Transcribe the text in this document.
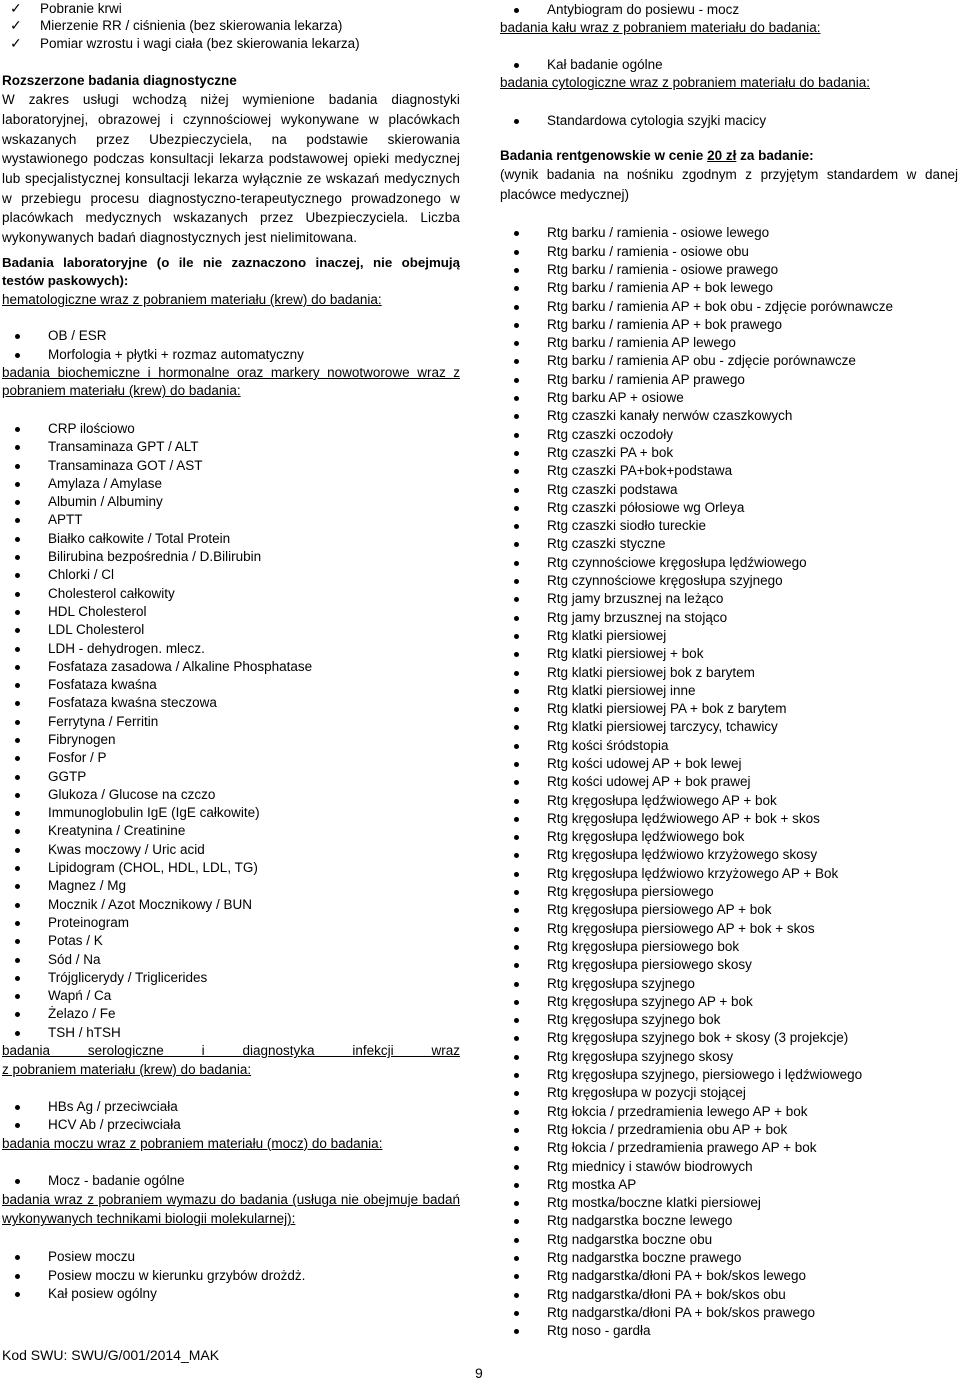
✓ Pobranie krwi
✓ Mierzenie RR / ciśnienia (bez skierowania lekarza)
✓ Pomiar wzrostu i wagi ciała (bez skierowania lekarza)
Rozszerzone badania diagnostyczne
W zakres usługi wchodzą niżej wymienione badania diagnostyki laboratoryjnej, obrazowej i czynnościowej wykonywane w placówkach wskazanych przez Ubezpieczyciela, na podstawie skierowania wystawionego podczas konsultacji lekarza podstawowej opieki medycznej lub specjalistycznej konsultacji lekarza wyłącznie ze wskazań medycznych w przebiegu procesu diagnostyczno-terapeutycznego prowadzonego w placówkach medycznych wskazanych przez Ubezpieczyciela. Liczba wykonywanych badań diagnostycznych jest nielimitowana.
Badania laboratoryjne (o ile nie zaznaczono inaczej, nie obejmują testów paskowych):
hematologiczne wraz z pobraniem materiału (krew) do badania:
OB / ESR
Morfologia + płytki + rozmaz automatyczny
badania biochemiczne i hormonalne oraz markery nowotworowe wraz z pobraniem materiału (krew) do badania:
CRP ilościowo
Transaminaza GPT / ALT
Transaminaza GOT / AST
Amylaza / Amylase
Albumin / Albuminy
APTT
Białko całkowite / Total Protein
Bilirubina bezpośrednia / D.Bilirubin
Chlorki / Cl
Cholesterol całkowity
HDL Cholesterol
LDL Cholesterol
LDH - dehydrogen. mlecz.
Fosfataza zasadowa / Alkaline Phosphatase
Fosfataza kwaśna
Fosfataza kwaśna steczowa
Ferrytyna / Ferritin
Fibrynogen
Fosfor / P
GGTP
Glukoza / Glucose na czczo
Immunoglobulin IgE (IgE całkowite)
Kreatynina / Creatinine
Kwas moczowy / Uric acid
Lipidogram (CHOL, HDL, LDL, TG)
Magnez / Mg
Mocznik / Azot Mocznikowy / BUN
Proteinogram
Potas / K
Sód / Na
Trójglicerydy / Triglicerides
Wapń / Ca
Żelazo / Fe
TSH / hTSH
badania serologiczne i diagnostyka infekcji wraz
z pobraniem materiału (krew) do badania:
HBs Ag / przeciwciała
HCV Ab / przeciwciała
badania moczu wraz z pobraniem materiału (mocz) do badania:
Mocz - badanie ogólne
badania wraz z pobraniem wymazu do badania (usługa nie obejmuje badań wykonywanych technikami biologii molekularnej):
Posiew moczu
Posiew moczu w kierunku grzybów drożdż.
Kał posiew ogólny
Antybiogram do posiewu - mocz
badania kału wraz z pobraniem materiału do badania:
Kał badanie ogólne
badania cytologiczne wraz z pobraniem materiału do badania:
Standardowa cytologia szyjki macicy
Badania rentgenowskie w cenie 20 zł za badanie:
(wynik badania na nośniku zgodnym z przyjętym standardem w danej placówce medycznej)
Rtg barku / ramienia - osiowe lewego
Rtg barku / ramienia - osiowe obu
Rtg barku / ramienia - osiowe prawego
Rtg barku / ramienia AP + bok lewego
Rtg barku / ramienia AP + bok obu - zdjęcie porównawcze
Rtg barku / ramienia AP + bok prawego
Rtg barku / ramienia AP lewego
Rtg barku / ramienia AP obu - zdjęcie porównawcze
Rtg barku / ramienia AP prawego
Rtg barku AP + osiowe
Rtg czaszki kanały nerwów czaszkowych
Rtg czaszki oczodoły
Rtg czaszki PA + bok
Rtg czaszki PA+bok+podstawa
Rtg czaszki podstawa
Rtg czaszki półosiowe wg Orleya
Rtg czaszki siodło tureckie
Rtg czaszki styczne
Rtg czynnościowe kręgosłupa lędźwiowego
Rtg czynnościowe kręgosłupa szyjnego
Rtg jamy brzusznej na leżąco
Rtg jamy brzusznej na stojąco
Rtg klatki piersiowej
Rtg klatki piersiowej + bok
Rtg klatki piersiowej bok z barytem
Rtg klatki piersiowej inne
Rtg klatki piersiowej PA + bok z barytem
Rtg klatki piersiowej tarczycy, tchawicy
Rtg kości śródstopia
Rtg kości udowej AP + bok lewej
Rtg kości udowej AP + bok prawej
Rtg kręgosłupa lędźwiowego AP + bok
Rtg kręgosłupa lędźwiowego AP + bok + skos
Rtg kręgosłupa lędźwiowego bok
Rtg kręgosłupa lędźwiowo krzyżowego skosy
Rtg kręgosłupa lędźwiowo krzyżowego AP + Bok
Rtg kręgosłupa piersiowego
Rtg kręgosłupa piersiowego AP + bok
Rtg kręgosłupa piersiowego AP + bok + skos
Rtg kręgosłupa piersiowego bok
Rtg kręgosłupa piersiowego skosy
Rtg kręgosłupa szyjnego
Rtg kręgosłupa szyjnego AP + bok
Rtg kręgosłupa szyjnego bok
Rtg kręgosłupa szyjnego bok + skosy (3 projekcje)
Rtg kręgosłupa szyjnego skosy
Rtg kręgosłupa szyjnego, piersiowego i lędźwiowego
Rtg kręgosłupa w pozycji stojącej
Rtg łokcia / przedramienia lewego AP + bok
Rtg łokcia / przedramienia obu AP + bok
Rtg łokcia / przedramienia prawego AP + bok
Rtg miednicy i stawów biodrowych
Rtg mostka AP
Rtg mostka/boczne klatki piersiowej
Rtg nadgarstka boczne lewego
Rtg nadgarstka boczne obu
Rtg nadgarstka boczne prawego
Rtg nadgarstka/dłoni PA + bok/skos lewego
Rtg nadgarstka/dłoni PA + bok/skos obu
Rtg nadgarstka/dłoni PA + bok/skos prawego
Rtg noso - gardła
Kod SWU: SWU/G/001/2014_MAK
9
